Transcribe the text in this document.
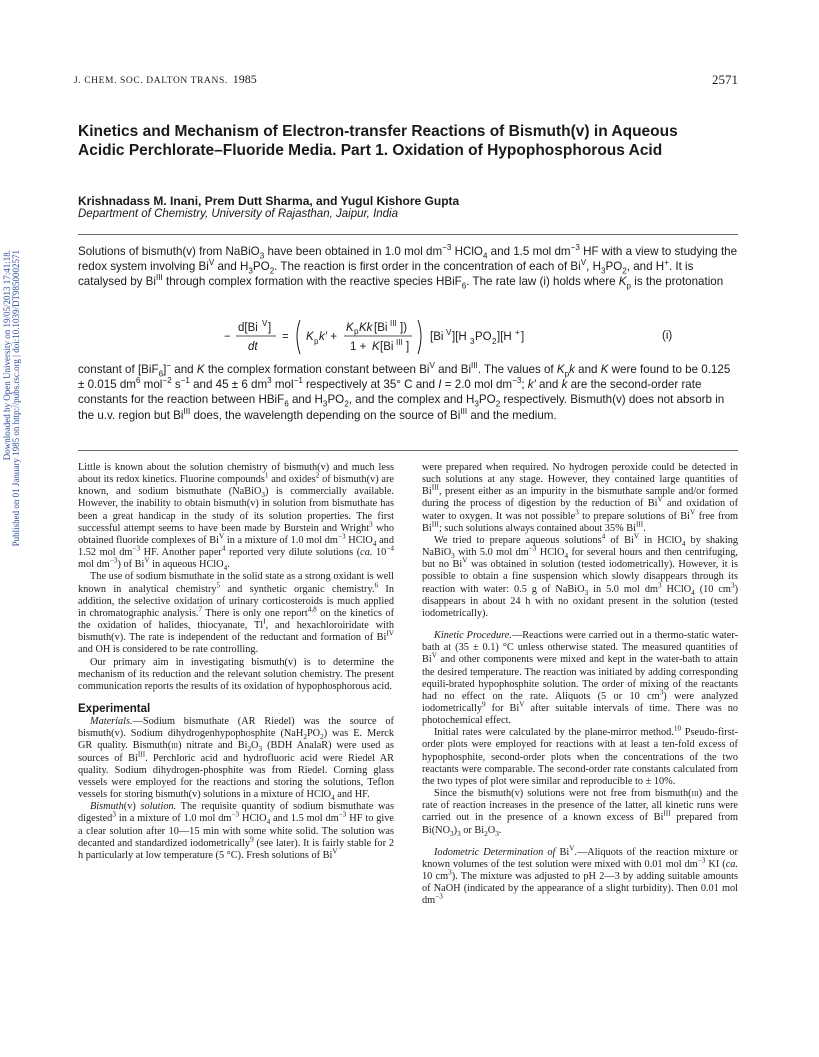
J. CHEM. SOC. DALTON TRANS. 1985	2571
Downloaded by Open University on 19/05/2013 17:41:18. Published on 01 January 1985 on http://pubs.rsc.org | doi:10.1039/DT9850002571
Kinetics and Mechanism of Electron-transfer Reactions of Bismuth(v) in Aqueous Acidic Perchlorate–Fluoride Media. Part 1. Oxidation of Hypophosphorous Acid
Krishnadass M. Inani, Prem Dutt Sharma, and Yugul Kishore Gupta
Department of Chemistry, University of Rajasthan, Jaipur, India

Solutions of bismuth(v) from NaBiO$_3$ have been obtained in 1.0 mol $dm^{-3}$ HClO$_4$ and 1.5 mol $dm^{-3}$ HF with a view to studying the redox system involving $Bi^V$ and $H_3PO_2$. The reaction is first order in the concentration of each of $Bi^V$, $H_3PO_2$, and H+. It is catalysed by $Bi^{III}$ through complex formation with the reactive species HBiF$_6$. The rate law (i) holds where $K_p$ is the protonation

−
d[Bi V ]
dt
= K p k′ +
K p Kk [Bi III ])
1 + K [Bi III ]
[Bi V ][H 3 PO 2 ][H + ]	(i)

constant of [BiF$_6$]− and K the complex formation constant between $Bi^V$ and $Bi^{III}$. The values of $K_pk$ and K were found to be 0.125 ± 0.015 $dm^6$ mol$^{-2}$ $s^{-1}$ and 45 ± 6 $dm^3$ mol$^{-1}$ respectively at 35° C and I = 2.0 mol $dm^{-3}$; k′ and k are the second-order rate constants for the reaction between HBiF$_6$ and $H_3PO_2$, and the complex and $H_3PO_2$ respectively. Bismuth(v) does not absorb in the u.v. region but $Bi^{III}$ does, the wavelength depending on the source of $Bi^{III}$ and the medium.

Little is known about the solution chemistry of bismuth(v) and much less about its redox kinetics. Fluorine compounds$^1$ and oxides$^2$ of bismuth(v) are known, and sodium bismuthate (NaBiO$_3$) is commercially available. However, the inability to obtain bismuth(v) in solution from bismuthate has been a great handicap in the study of its solution properties. The first successful attempt seems to have been made by Burstein and Wright$^3$ who obtained fluoride complexes of $Bi^V$ in a mixture of 1.0 mol $dm^{-3}$ HClO$_4$ and 1.52 mol $dm^{-3}$ HF. Another paper$^4$ reported very dilute solutions (ca. $10^{-4}$ mol $dm^{-3}$) of $Bi^V$ in aqueous HClO$_4$.

The use of sodium bismuthate in the solid state as a strong oxidant is well known in analytical chemistry$^5$ and synthetic organic chemistry.$^6$ In addition, the selective oxidation of urinary corticosteroids is much applied in chromatographic analysis.$^7$ There is only one report$^{4,8}$ on the kinetics of the oxidation of halides, thiocyanate, $Tl^I$, and hexachloroiridate with bismuth(v). The rate is independent of the reductant and formation of $Bi^{IV}$ and OH is considered to be rate controlling.

Our primary aim in investigating bismuth(v) is to determine the mechanism of its reduction and the relevant solution chemistry. The present communication reports the results of its oxidation of hypophosphorous acid.

Experimental

Materials.—Sodium bismuthate (AR Riedel) was the source of bismuth(v). Sodium dihydrogenhypophosphite $(NaH_2PO_2)$ was E. Merck GR quality. Bismuth(iii) nitrate and $Bi_2O_3$ (BDH AnalaR) were used as sources of $Bi^{III}$. Perchloric acid and hydrofluoric acid were Riedel AR quality. Sodium dihydrogen-phosphite was from Riedel. Corning glass vessels were employed for the reactions and storing the solutions, Teflon vessels for storing bismuth(v) solutions in a mixture of HClO$_4$ and HF.

Bismuth(v) solution. The requisite quantity of sodium bismuthate was digested$^3$ in a mixture of 1.0 mol $dm^{-3}$ HClO$_4$ and 1.5 mol $dm^{-3}$ HF to give a clear solution after 10—15 min with some white solid. The solution was decanted and standardized iodometrically$^9$ (see later). It is fairly stable for 2 h particularly at low temperature (5 °C). Fresh solutions of $Bi^V$

were prepared when required. No hydrogen peroxide could be detected in such solutions at any stage. However, they contained large quantities of $Bi^{III}$, present either as an impurity in the bismuthate sample and/or formed during the process of digestion by the reduction of $Bi^V$ and oxidation of water to oxygen. It was not possible$^3$ to prepare solutions of $Bi^V$ free from $Bi^{III}$; such solutions always contained about 35% $Bi^{III}$.

We tried to prepare aqueous solutions$^4$ of $Bi^V$ in HClO$_4$ by shaking NaBiO$_3$ with 5.0 mol $dm^{-3}$ HClO$_4$ for several hours and then centrifuging, but no $Bi^V$ was obtained in solution (tested iodometrically). However, it is possible to obtain a fine suspension which slowly disappears through its reaction with water: 0.5 g of NaBiO$_3$ in 5.0 mol $dm^3$ HClO$_4$ (10 $cm^3$) disappears in about 24 h with no oxidant present in the solution (tested iodometrically).

Kinetic Procedure.—Reactions were carried out in a thermo-static water-bath at (35 ± 0.1) °C unless otherwise stated. The measured quantities of $Bi^V$ and other components were mixed and kept in the water-bath to attain the desired temperature. The reaction was initiated by adding corresponding equili-brated hypophosphite solution. The order of mixing of the reactants had no effect on the rate. Aliquots (5 or 10 $cm^3$) were analyzed iodometrically$^9$ for $Bi^V$ after suitable intervals of time. There was no photochemical effect.

Initial rates were calculated by the plane-mirror method.$^{10}$ Pseudo-first-order plots were employed for reactions with at least a ten-fold excess of hypophosphite, second-order plots when the concentrations of the two reactants were comparable. The second-order rate constants calculated from the two types of plot were similar and reproducible to ± 10%.

Since the bismuth(v) solutions were not free from bismuth(iii) and the rate of reaction increases in the presence of the latter, all kinetic runs were carried out in the presence of a known excess of $Bi^{III}$ prepared from $Bi(NO_3)_3$ or $Bi_2O_3$.

Iodometric Determination of $Bi^V.—Aliquots$ of the reaction mixture or known volumes of the test solution were mixed with 0.01 mol $dm^{-3}$ KI (ca. 10 $cm^3$). The mixture was adjusted to pH 2—3 by adding suitable amounts of NaOH (indicated by the appearance of a slight turbidity). Then 0.01 mol $dm^{-3}$
